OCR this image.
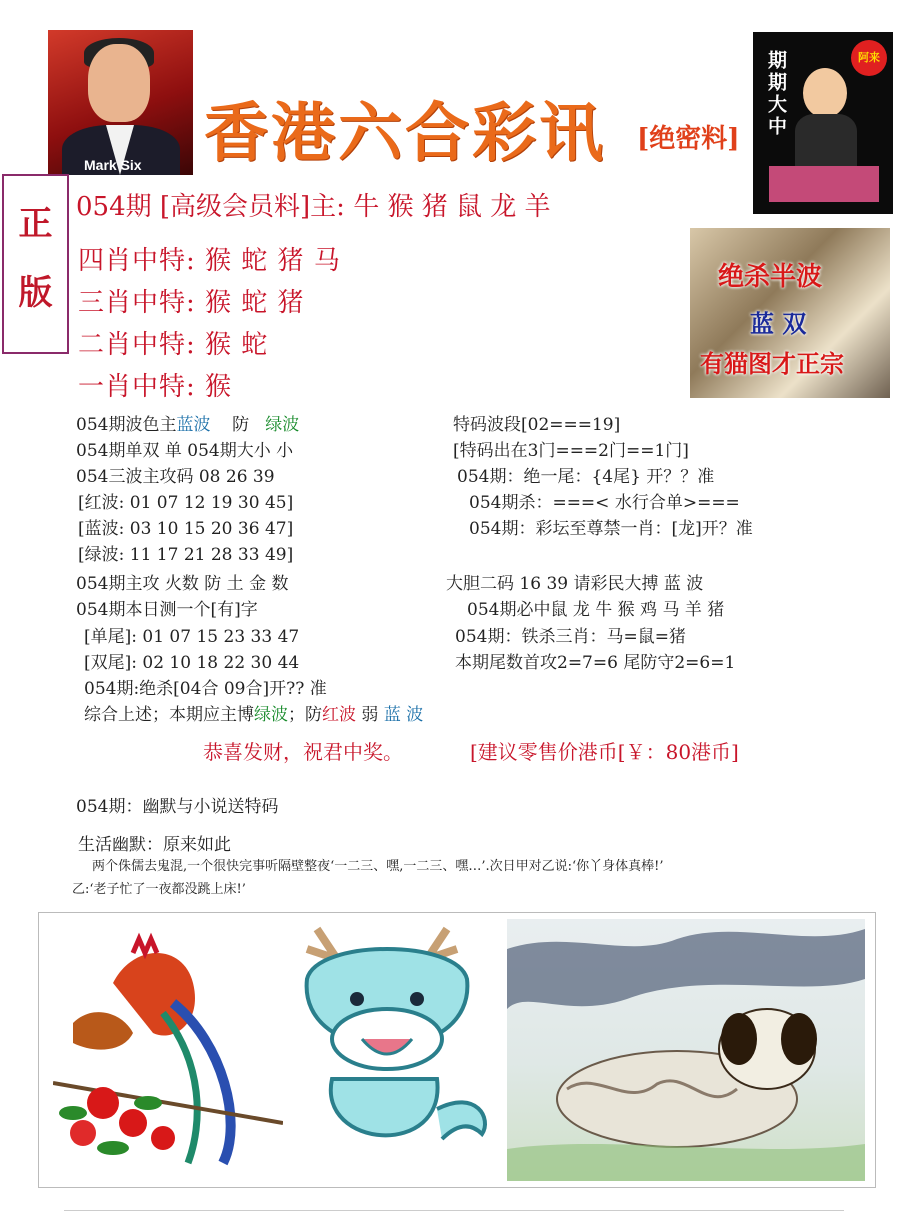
Mark Six 香港六合彩讯 [绝密料]
期期大中	阿来
正
版
054期 [高级会员料]主: 牛 猴 猪 鼠 龙 羊
四肖中特: 猴 蛇 猪 马
三肖中特: 猴 蛇 猪
二肖中特: 猴 蛇
一肖中特: 猴
绝杀半波
蓝 双
有猫图才正宗
054期波色主蓝波 防 绿波
054期单双 单 054期大小 小
054三波主攻码 08 26 39
[红波: 01 07 12 19 30 45]
[蓝波: 03 10 15 20 36 47]
[绿波: 11 17 21 28 33 49]
054期主攻 火数 防 土 金 数
054期本日测一个[有]字
[单尾]: 01 07 15 23 33 47
[双尾]: 02 10 18 22 30 44
054期:绝杀[04合 09合]开?? 准
综合上述；本期应主博绿波；防红波 弱 蓝 波
特码波段[02===19]
[特码出在3门===2门==1门]
054期：绝一尾：{4尾} 开？？准
054期杀：===< 水行合单>===
054期：彩坛至尊禁一肖：[龙]开？准
大胆二码 16 39 请彩民大搏 蓝 波
054期必中鼠 龙 牛 猴 鸡 马 羊 猪
054期：铁杀三肖：马=鼠=猪
本期尾数首攻2=7=6 尾防守2=6=1
恭喜发财，祝君中奖。	[建议零售价港币[￥：80港币]
054期：幽默与小说送特码
生活幽默：原来如此
两个侏儒去鬼混,一个很快完事听隔壁整夜‘一二三、嘿,一二三、嘿…’.次日甲对乙说:‘你丫身体真棒!’
乙:‘老子忙了一夜都没跳上床!’
